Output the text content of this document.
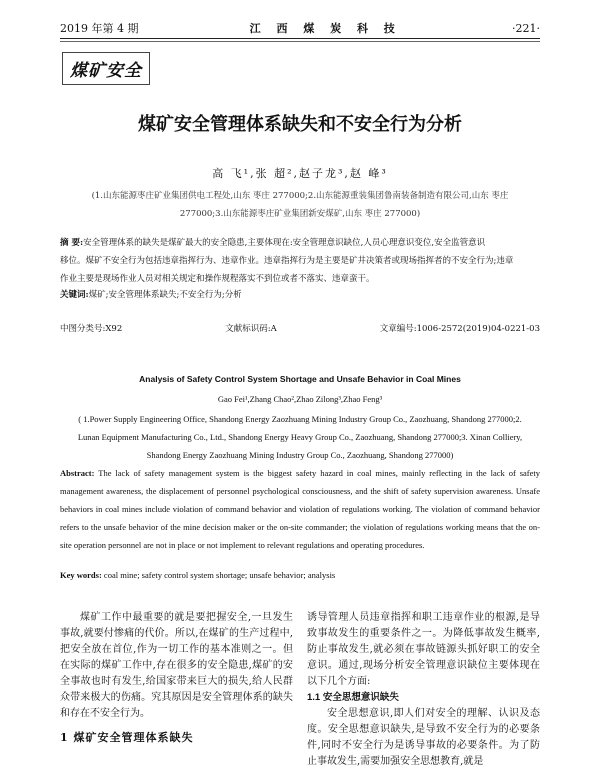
2019 年第 4 期	江 西 煤 炭 科 技	·221·
煤矿安全
煤矿安全管理体系缺失和不安全行为分析
高 飞¹,张 超²,赵子龙³,赵 峰³
(1.山东能源枣庄矿业集团供电工程处,山东 枣庄 277000;2.山东能源重装集团鲁南装备制造有限公司,山东 枣庄
277000;3.山东能源枣庄矿业集团新安煤矿,山东 枣庄 277000)
摘 要:安全管理体系的缺失是煤矿最大的安全隐患,主要体现在:安全管理意识缺位,人员心理意识变位,安全监管意识
移位。煤矿不安全行为包括违章指挥行为、违章作业。违章指挥行为是主要是矿井决策者或现场指挥者的不安全行为;违章
作业主要是现场作业人员对相关规定和操作规程落实不到位或者不落实、违章蛮干。
关键词:煤矿;安全管理体系缺失;不安全行为;分析
中图分类号:X92	文献标识码:A	文章编号:1006-2572(2019)04-0221-03
Analysis of Safety Control System Shortage and Unsafe Behavior in Coal Mines
Gao Fei¹,Zhang Chao²,Zhao Zilong³,Zhao Feng³
( 1.Power Supply Engineering Office, Shandong Energy Zaozhuang Mining Industry Group Co., Zaozhuang, Shandong 277000;2.
Lunan Equipment Manufacturing Co., Ltd., Shandong Energy Heavy Group Co., Zaozhuang, Shandong 277000;3. Xinan Colliery,
Shandong Energy Zaozhuang Mining Industry Group Co., Zaozhuang, Shandong 277000)
Abstract: The lack of safety management system is the biggest safety hazard in coal mines, mainly reflecting in the lack of safety management awareness, the displacement of personnel psychological consciousness, and the shift of safety supervision awareness. Unsafe behaviors in coal mines include violation of command behavior and violation of regulations working. The violation of command behavior refers to the unsafe behavior of the mine decision maker or the on-site commander; the violation of regulations working means that the on-site operation personnel are not in place or not implement to relevant regulations and operating procedures.
Key words: coal mine; safety control system shortage; unsafe behavior; analysis
煤矿工作中最重要的就是要把握安全,一旦发生事故,就要付惨痛的代价。所以,在煤矿的生产过程中,把安全放在首位,作为一切工作的基本准则之一。但在实际的煤矿工作中,存在很多的安全隐患,煤矿的安全事故也时有发生,给国家带来巨大的损失,给人民群众带来极大的伤痛。究其原因是安全管理体系的缺失和存在不安全行为。
1 煤矿安全管理体系缺失
诱导管理人员违章指挥和职工违章作业的根源,是导致事故发生的重要条件之一。为降低事故发生概率,防止事故发生,就必须在事故链源头抓好职工的安全意识。通过,现场分析安全管理意识缺位主要体现在以下几个方面:
1.1 安全思想意识缺失
安全思想意识,即人们对安全的理解、认识及态度。安全思想意识缺失,是导致不安全行为的必要条件,同时不安全行为是诱导事故的必要条件。为了防止事故发生,需要加强安全思想教育,就是
